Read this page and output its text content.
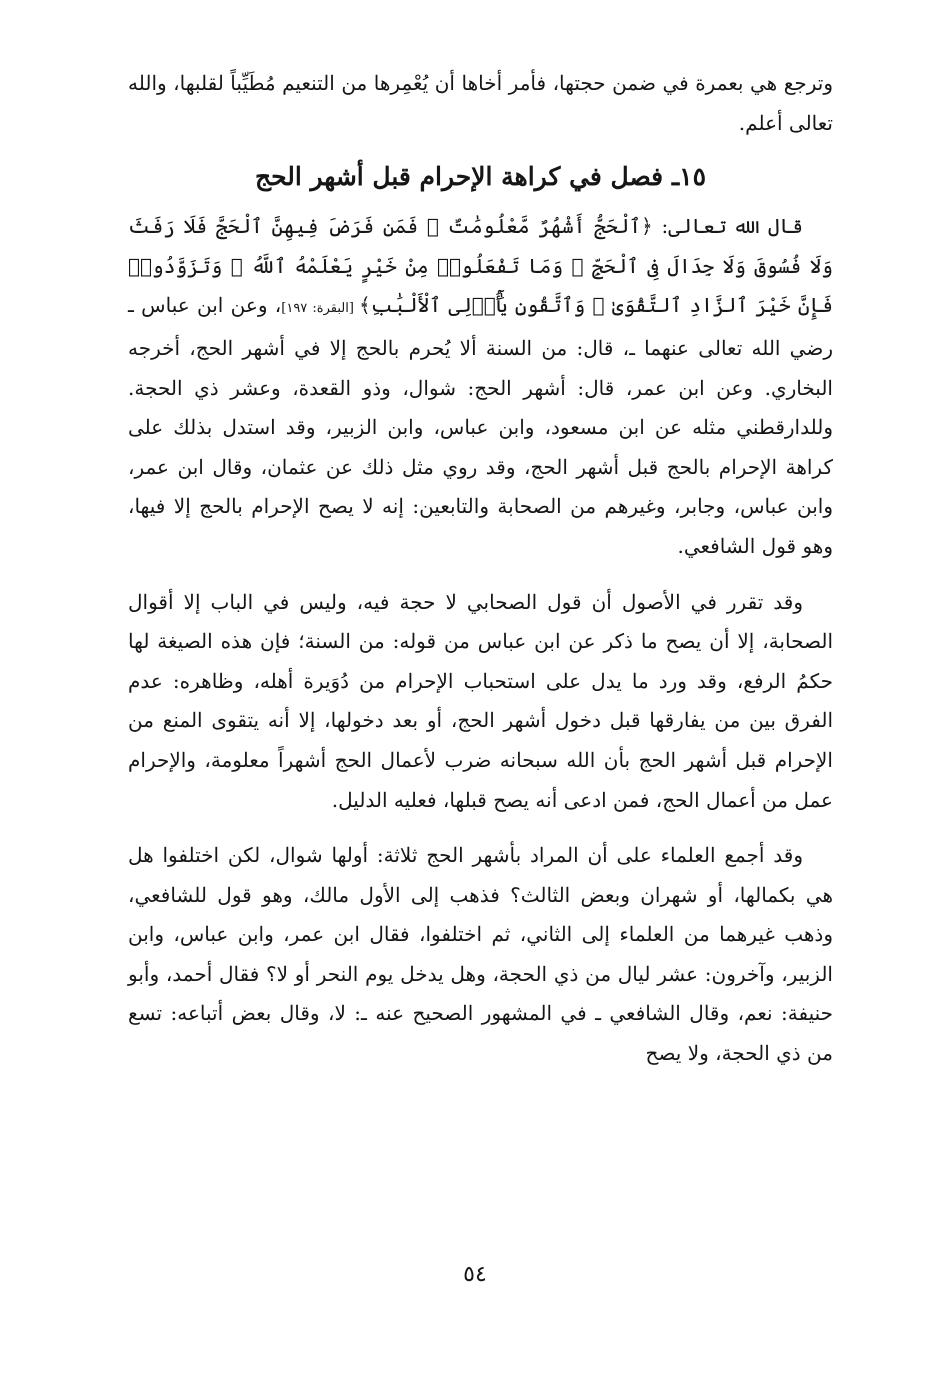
وترجع هي بعمرة في ضمن حجتها، فأمر أخاها أن يُعْمِرها من التنعيم مُطَيِّباً لقلبها، والله تعالى أعلم.

١٥ـ فصل في كراهة الإحرام قبل أشهر الحج

قال الله تعالى: ﴿ٱلْحَجُّ أَشْهُرٌ مَّعْلُومَٰتٌ ۚ فَمَن فَرَضَ فِيهِنَّ ٱلْحَجَّ فَلَا رَفَثَ وَلَا فُسُوقَ وَلَا جِدَالَ فِى ٱلْحَجِّ ۗ وَمَا تَفْعَلُوا۟ مِنْ خَيْرٍ يَعْلَمْهُ ٱللَّهُ ۗ وَتَزَوَّدُوا۟ فَإِنَّ خَيْرَ ٱلزَّادِ ٱلتَّقْوَىٰ ۚ وَٱتَّقُونِ يَٰٓأُو۟لِى ٱلْأَلْبَٰبِ﴾ [البقرة: ١٩٧]، وعن ابن عباس ـ رضي الله تعالى عنهما ـ، قال: من السنة ألا يُحرم بالحج إلا في أشهر الحج، أخرجه البخاري. وعن ابن عمر، قال: أشهر الحج: شوال، وذو القعدة، وعشر ذي الحجة. وللدارقطني مثله عن ابن مسعود، وابن عباس، وابن الزبير، وقد استدل بذلك على كراهة الإحرام بالحج قبل أشهر الحج، وقد روي مثل ذلك عن عثمان، وقال ابن عمر، وابن عباس، وجابر، وغيرهم من الصحابة والتابعين: إنه لا يصح الإحرام بالحج إلا فيها، وهو قول الشافعي.

وقد تقرر في الأصول أن قول الصحابي لا حجة فيه، وليس في الباب إلا أقوال الصحابة، إلا أن يصح ما ذكر عن ابن عباس من قوله: من السنة؛ فإن هذه الصيغة لها حكمُ الرفع، وقد ورد ما يدل على استحباب الإحرام من دُوَيرة أهله، وظاهره: عدم الفرق بين من يفارقها قبل دخول أشهر الحج، أو بعد دخولها، إلا أنه يتقوى المنع من الإحرام قبل أشهر الحج بأن الله سبحانه ضرب لأعمال الحج أشهراً معلومة، والإحرام عمل من أعمال الحج، فمن ادعى أنه يصح قبلها، فعليه الدليل.

وقد أجمع العلماء على أن المراد بأشهر الحج ثلاثة: أولها شوال، لكن اختلفوا هل هي بكمالها، أو شهران وبعض الثالث؟ فذهب إلى الأول مالك، وهو قول للشافعي، وذهب غيرهما من العلماء إلى الثاني، ثم اختلفوا، فقال ابن عمر، وابن عباس، وابن الزبير، وآخرون: عشر ليال من ذي الحجة، وهل يدخل يوم النحر أو لا؟ فقال أحمد، وأبو حنيفة: نعم، وقال الشافعي ـ في المشهور الصحيح عنه ـ: لا، وقال بعض أتباعه: تسع من ذي الحجة، ولا يصح

٥٤
